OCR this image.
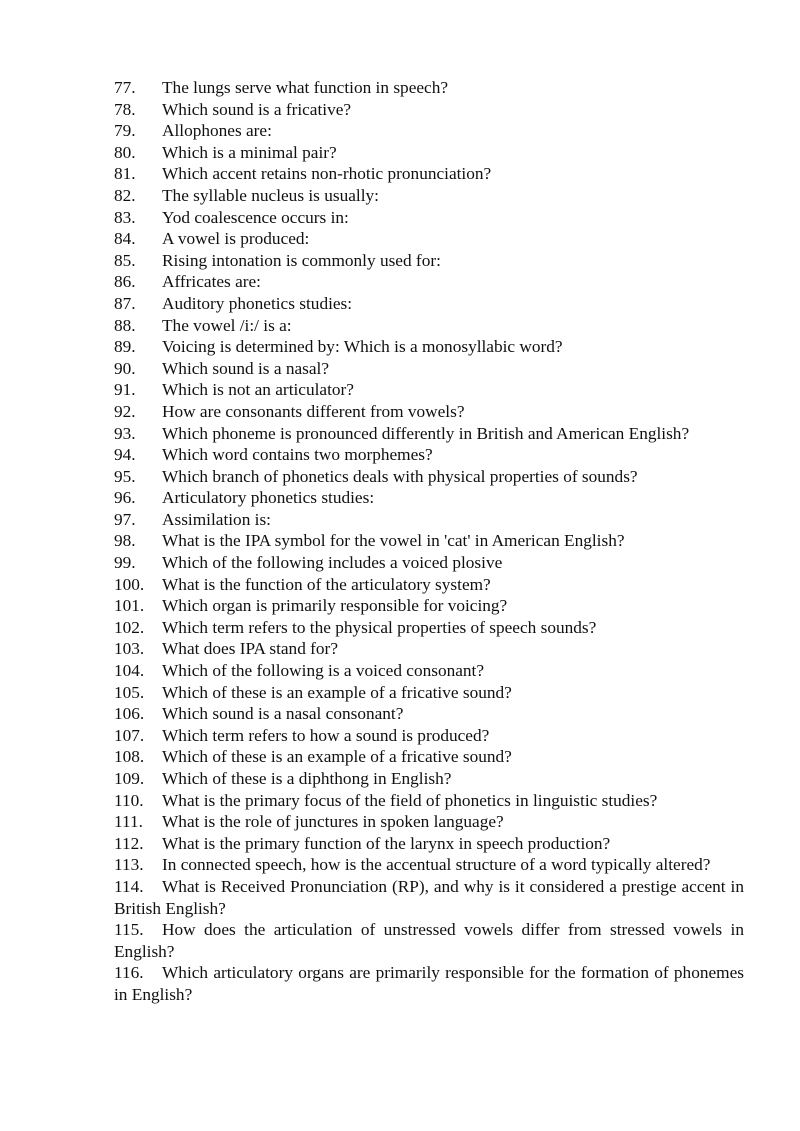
77.	The lungs serve what function in speech?
78.	Which sound is a fricative?
79.	Allophones are:
80.	Which is a minimal pair?
81.	Which accent retains non-rhotic pronunciation?
82.	The syllable nucleus is usually:
83.	Yod coalescence occurs in:
84.	A vowel is produced:
85.	Rising intonation is commonly used for:
86.	Affricates are:
87.	Auditory phonetics studies:
88.	The vowel /i:/ is a:
89.	Voicing is determined by: Which is a monosyllabic word?
90.	Which sound is a nasal?
91.	Which is not an articulator?
92.	How are consonants different from vowels?
93.	Which phoneme is pronounced differently in British and American English?
94.	Which word contains two morphemes?
95.	Which branch of phonetics deals with physical properties of sounds?
96.	Articulatory phonetics studies:
97.	Assimilation is:
98.	What is the IPA symbol for the vowel in 'cat' in American English?
99.	Which of the following includes a voiced plosive
100.	What is the function of the articulatory system?
101.	Which organ is primarily responsible for voicing?
102.	Which term refers to the physical properties of speech sounds?
103.	What does IPA stand for?
104.	Which of the following is a voiced consonant?
105.	Which of these is an example of a fricative sound?
106.	Which sound is a nasal consonant?
107.	Which term refers to how a sound is produced?
108.	Which of these is an example of a fricative sound?
109.	Which of these is a diphthong in English?
110.	What is the primary focus of the field of phonetics in linguistic studies?
111.	What is the role of junctures in spoken language?
112.	What is the primary function of the larynx in speech production?
113. In connected speech, how is the accentual structure of a word typically altered?
114. What is Received Pronunciation (RP), and why is it considered a prestige accent in British English?
115. How does the articulation of unstressed vowels differ from stressed vowels in English?
116. Which articulatory organs are primarily responsible for the formation of phonemes in English?
